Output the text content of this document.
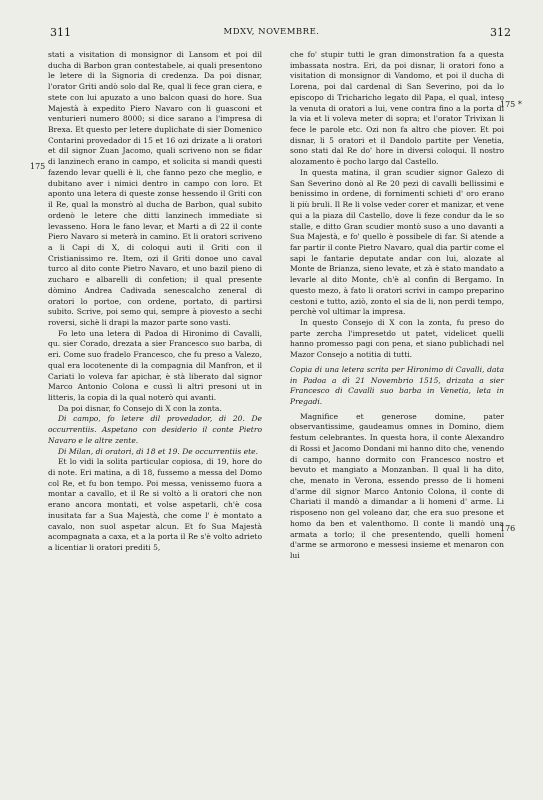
311	MDXV, NOVEMBRE.	312
175
175 *
176

stati a visitation di monsignor di Lansom et poi dil ducha di Barbon gran contestabele, ai quali presentono le letere di la Signoria di credenza. Da poi disnar, l'orator Griti andò solo dal Re, qual li fece gran ciera, e stete con lui apuzato a uno balcon quasi do hore. Sua Majestà à expedito Piero Navaro con li guasconi et venturieri numero 8000; si dice sarano a l'impresa di Brexa. Et questo per letere duplichate di sier Domenico Contarini provedador di 15 et 16 ozi drizate a li oratori et dil signor Zuan Jacomo, quali scriveno non se fidar di lanzinech erano in campo, et solicita si mandi questi fazendo levar quelli è li, che fanno pezo che meglio, e dubitano aver i nimici dentro in campo con loro. Et aponto una letera di queste zonse hessendo il Griti con il Re, qual la monstrò al ducha de Barbon, qual subito ordenò le letere che ditti lanzinech immediate si levasseno. Hora le fano levar, et Marti a dì 22 il conte Piero Navaro si meterà in camino. Et li oratori scriveno a li Capi di X, di coloqui auti il Griti con il Cristianissimo re. Item, ozi il Griti donoe uno caval turco al dito conte Pietro Navaro, et uno bazil pieno di zucharo e albarelli di confetion; il qual presente dòmino Andrea Cadivada senescalcho zeneral di oratori lo portoe, con ordene, portato, di partirsi subito. Scrive, poi semo qui, sempre à piovesto a sechi roversi, sichè li drapi la mazor parte sono vasti.

Fo leto una letera di Padoa di Hironimo di Cavalli, qu. sier Corado, drezata a sier Francesco suo barba, di eri. Come suo fradelo Francesco, che fu preso a Valezo, qual era locotenente di la compagnia dil Manfron, et il Cariati lo voleva far apichar, è stà liberato dal signor Marco Antonio Colona e cussì li altri presoni ut in litteris, la copia di la qual noterò qui avanti.

Da poi disnar, fo Consejo di X con la zonta.

Di campo, fo letere dil provedador, di 20. De occurrentiis. Aspetano con desiderio il conte Pietro Navaro e le altre zente.

Di Milan, di oratori, di 18 et 19. De occurrentiis ete.

Et lo vidi la solita particular copiosa, di 19, hore do di note. Eri matina, a dì 18, fussemo a messa del Domo col Re, et fu bon tempo. Poi messa, venissemo fuora a montar a cavallo, et il Re si voltò a li oratori che non erano ancora montati, et volse aspetarli, ch'è cosa inusitata far a Sua Majestà, che come l' è montato a cavalo, non suol aspetar alcun. Et fo Sua Majestà acompagnata a caxa, et a la porta il Re s'è volto adrieto a licentiar li oratori prediti 5,

che fo' stupir tutti le gran dimonstration fa a questa imbassata nostra. Eri, da poi disnar, li oratori fono a visitation di monsignor di Vandomo, et poi il ducha di Lorena, poi dal cardenal di San Severino, poi da lo episcopo di Tricharicho legato dil Papa, el qual, inteso la venuta di oratori a lui, vene contra fino a la porta di la via et li voleva meter di sopra; et l'orator Trivixan li fece le parole etc. Ozi non fa altro che piover. Et poi disnar, li 5 oratori et il Dandolo partite per Venetia, sono stati dal Re do' hore in diversi coloqui. Il nostro alozamento è pocho largo dal Castello.

In questa matina, il gran scudier signor Galezo di San Severino donò al Re 20 pezi di cavalli bellissimi e benissimo in ordene, di fornimenti schieti d' oro erano li più bruli. Il Re li volse veder corer et manizar, et vene qui a la piaza dil Castello, dove li feze condur da le so stalle, e ditto Gran scudier montò suso a uno davanti a Sua Majestà, e fo' quello è possibele di far. Si atende a far partir il conte Pietro Navaro, qual dia partir come el sapi le fantarie deputate andar con lui, alozate al Monte de Brianza, sieno levate, et zà è stato mandato a levarle al dito Monte, ch'è al confin di Bergamo. In questo mezo, à fato li oratori scrivi in campo preparino cestoni e tutto, aziò, zonto el sia de li, non perdi tempo, perchè vol ultimar la impresa.

In questo Consejo di X con la zonta, fu preso do parte zercha l'impresetdo ut patet, videlicet quelli hanno promesso pagi con pena, et siano publichadi nel Mazor Consejo a notitia di tutti.

Copia di una letera scrita per Hironimo di Cavalli, data in Padoa a dì 21 Novembrio 1515, drizata a sier Francesco di Cavalli suo barba in Venetia, leta in Pregadi.

Magnifice et generose domine, pater observantissime, gaudeamus omnes in Domino, diem festum celebrantes. In questa hora, il conte Alexandro di Rossi et Jacomo Dondani mi hanno dito che, venendo di campo, hanno dormito con Francesco nostro et bevuto et mangiato a Monzanban. Il qual li ha dito, che, menato in Verona, essendo presso de li homeni d'arme dil signor Marco Antonio Colona, il conte di Chariati il mandò a dimandar a li homeni d' arme. Li risposeno non gel voleano dar, che era suo presone et homo da ben et valenthomo. Il conte li mandò una armata a torlo; il che presentendo, quelli homeni d'arme se armorono e messesi insieme et menaron con lui
